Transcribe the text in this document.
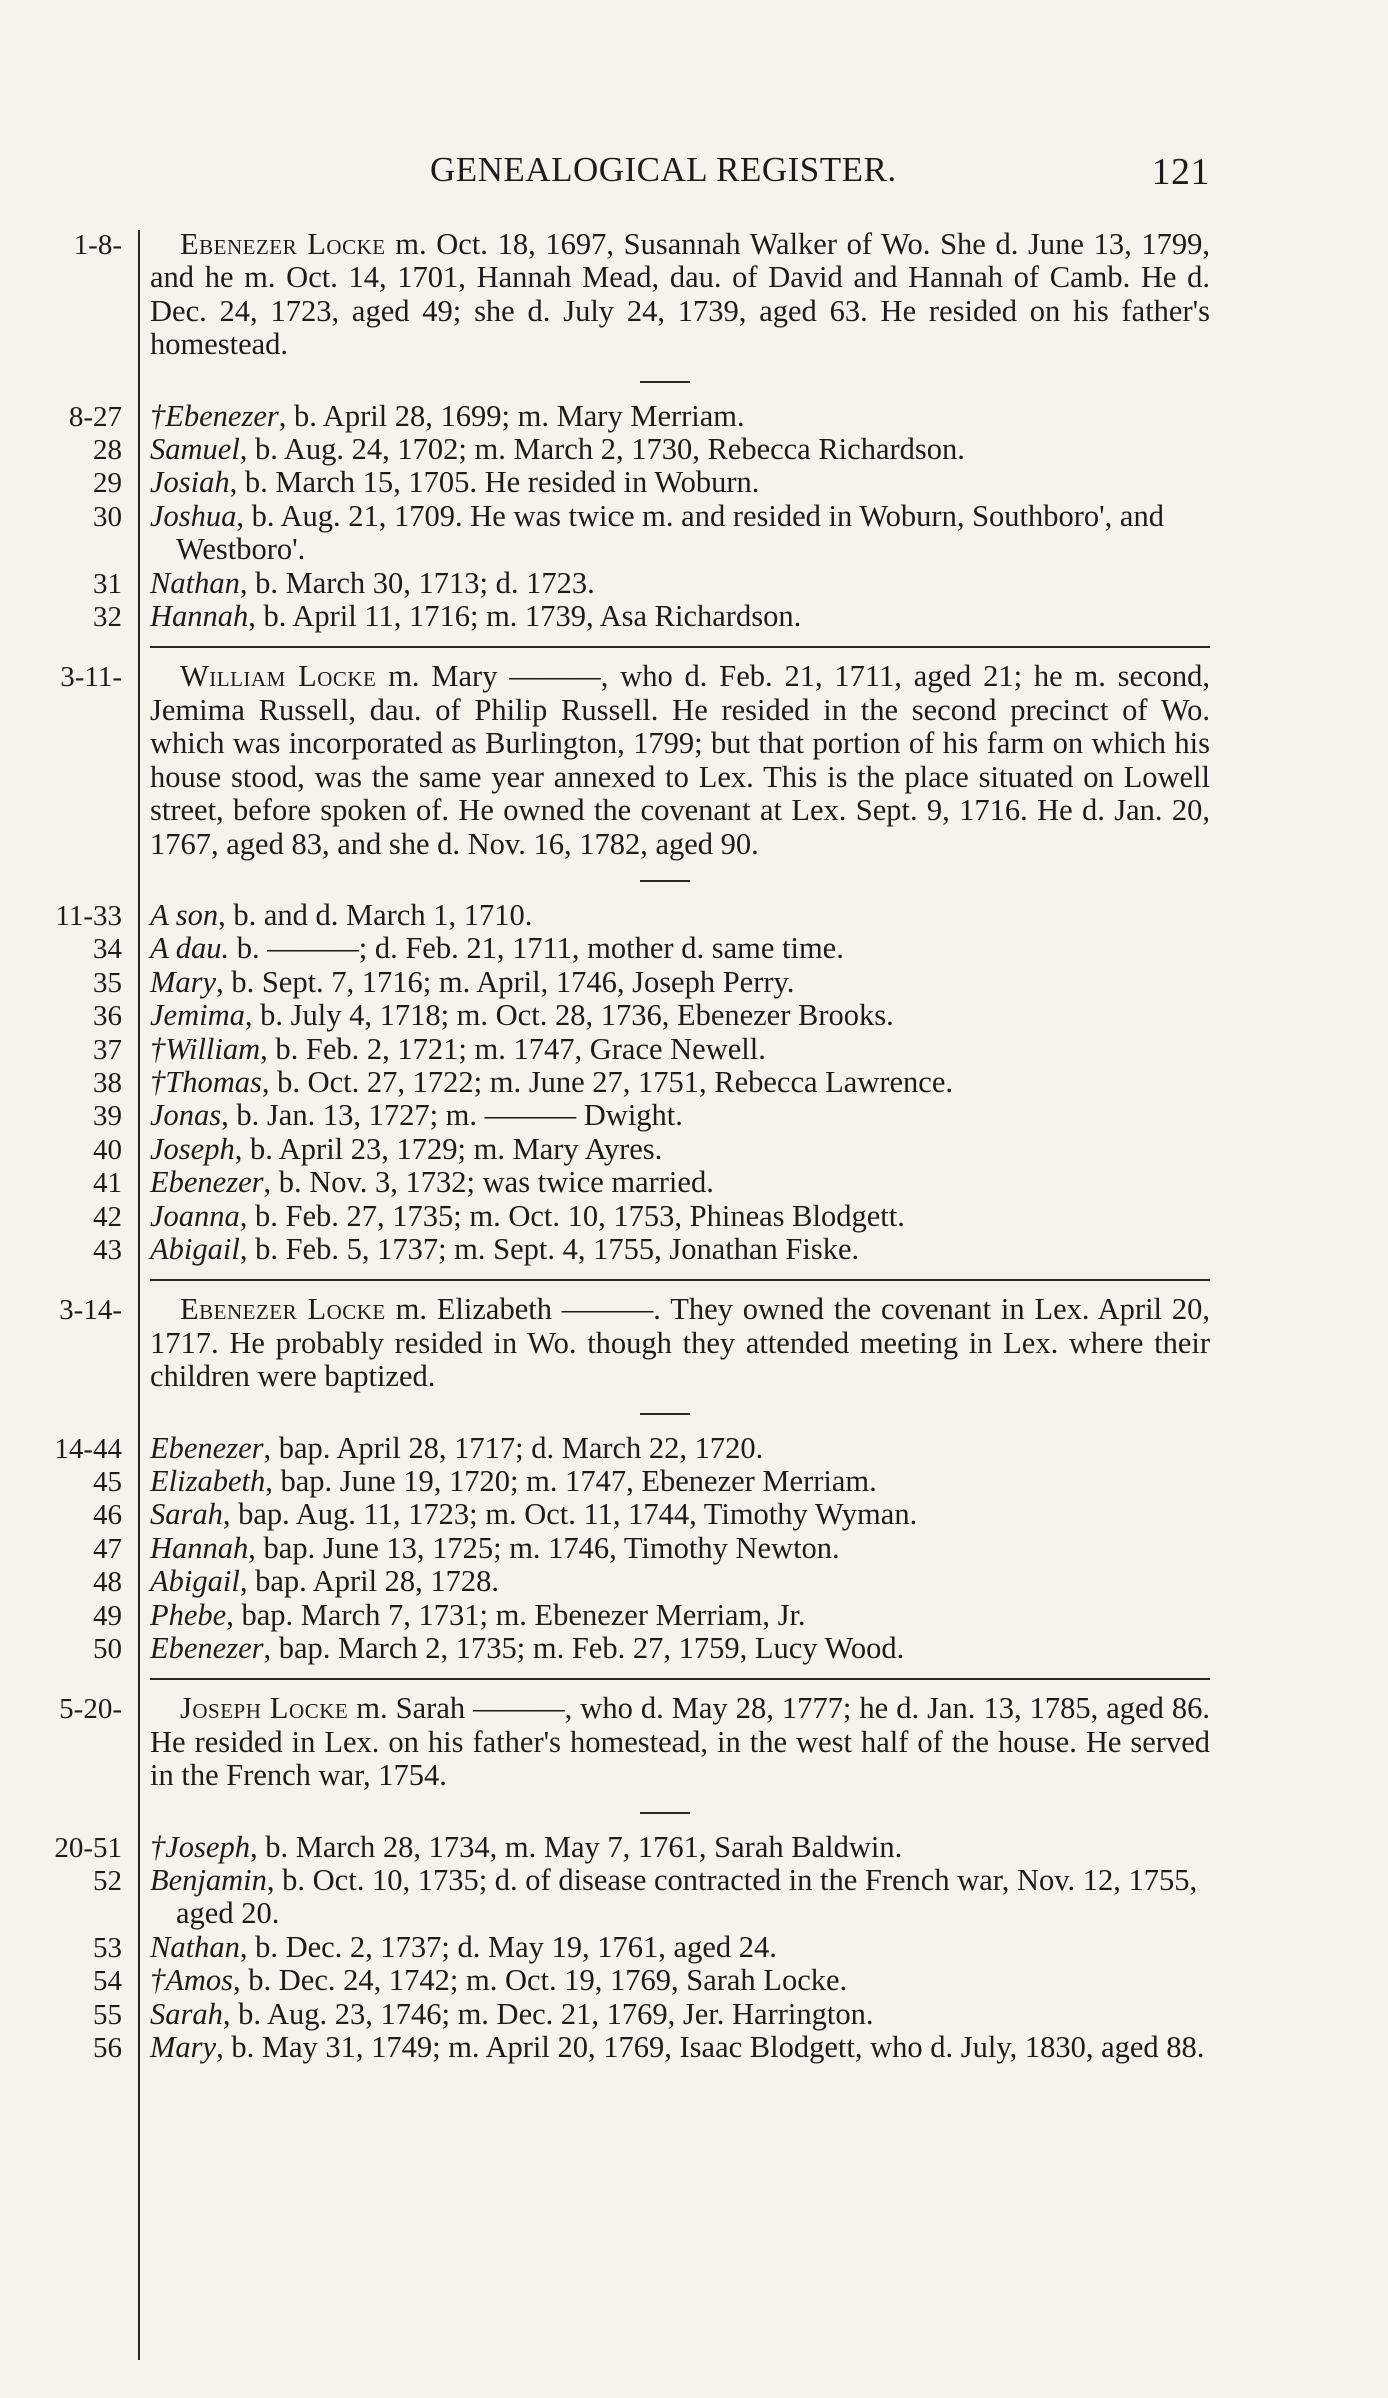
GENEALOGICAL REGISTER.	121
1-8-
8-27
28
29
30
31
32
3-11-
11-33
34
35
36
37
38
39
40
41
42
43
3-14-
14-44
45
46
47
48
49
50
5-20-
20-51
52
53
54
55
56

Ebenezer Locke m. Oct. 18, 1697, Susannah Walker of Wo. She d. June 13, 1799, and he m. Oct. 14, 1701, Hannah Mead, dau. of David and Hannah of Camb. He d. Dec. 24, 1723, aged 49; she d. July 24, 1739, aged 63. He resided on his father's homestead.

†Ebenezer, b. April 28, 1699; m. Mary Merriam.

Samuel, b. Aug. 24, 1702; m. March 2, 1730, Rebecca Richardson.

Josiah, b. March 15, 1705. He resided in Woburn.

Joshua, b. Aug. 21, 1709. He was twice m. and resided in Woburn, Southboro', and Westboro'.

Nathan, b. March 30, 1713; d. 1723.

Hannah, b. April 11, 1716; m. 1739, Asa Richardson.

William Locke m. Mary ———, who d. Feb. 21, 1711, aged 21; he m. second, Jemima Russell, dau. of Philip Russell. He resided in the second precinct of Wo. which was incorporated as Burlington, 1799; but that portion of his farm on which his house stood, was the same year annexed to Lex. This is the place situated on Lowell street, before spoken of. He owned the covenant at Lex. Sept. 9, 1716. He d. Jan. 20, 1767, aged 83, and she d. Nov. 16, 1782, aged 90.

A son, b. and d. March 1, 1710.

A dau. b. ———; d. Feb. 21, 1711, mother d. same time.

Mary, b. Sept. 7, 1716; m. April, 1746, Joseph Perry.

Jemima, b. July 4, 1718; m. Oct. 28, 1736, Ebenezer Brooks.

†William, b. Feb. 2, 1721; m. 1747, Grace Newell.

†Thomas, b. Oct. 27, 1722; m. June 27, 1751, Rebecca Lawrence.

Jonas, b. Jan. 13, 1727; m. ——— Dwight.

Joseph, b. April 23, 1729; m. Mary Ayres.

Ebenezer, b. Nov. 3, 1732; was twice married.

Joanna, b. Feb. 27, 1735; m. Oct. 10, 1753, Phineas Blodgett.

Abigail, b. Feb. 5, 1737; m. Sept. 4, 1755, Jonathan Fiske.

Ebenezer Locke m. Elizabeth ———. They owned the covenant in Lex. April 20, 1717. He probably resided in Wo. though they attended meeting in Lex. where their children were baptized.

Ebenezer, bap. April 28, 1717; d. March 22, 1720.

Elizabeth, bap. June 19, 1720; m. 1747, Ebenezer Merriam.

Sarah, bap. Aug. 11, 1723; m. Oct. 11, 1744, Timothy Wyman.

Hannah, bap. June 13, 1725; m. 1746, Timothy Newton.

Abigail, bap. April 28, 1728.

Phebe, bap. March 7, 1731; m. Ebenezer Merriam, Jr.

Ebenezer, bap. March 2, 1735; m. Feb. 27, 1759, Lucy Wood.

Joseph Locke m. Sarah ———, who d. May 28, 1777; he d. Jan. 13, 1785, aged 86. He resided in Lex. on his father's homestead, in the west half of the house. He served in the French war, 1754.

†Joseph, b. March 28, 1734, m. May 7, 1761, Sarah Baldwin.

Benjamin, b. Oct. 10, 1735; d. of disease contracted in the French war, Nov. 12, 1755, aged 20.

Nathan, b. Dec. 2, 1737; d. May 19, 1761, aged 24.

†Amos, b. Dec. 24, 1742; m. Oct. 19, 1769, Sarah Locke.

Sarah, b. Aug. 23, 1746; m. Dec. 21, 1769, Jer. Harrington.

Mary, b. May 31, 1749; m. April 20, 1769, Isaac Blodgett, who d. July, 1830, aged 88.
